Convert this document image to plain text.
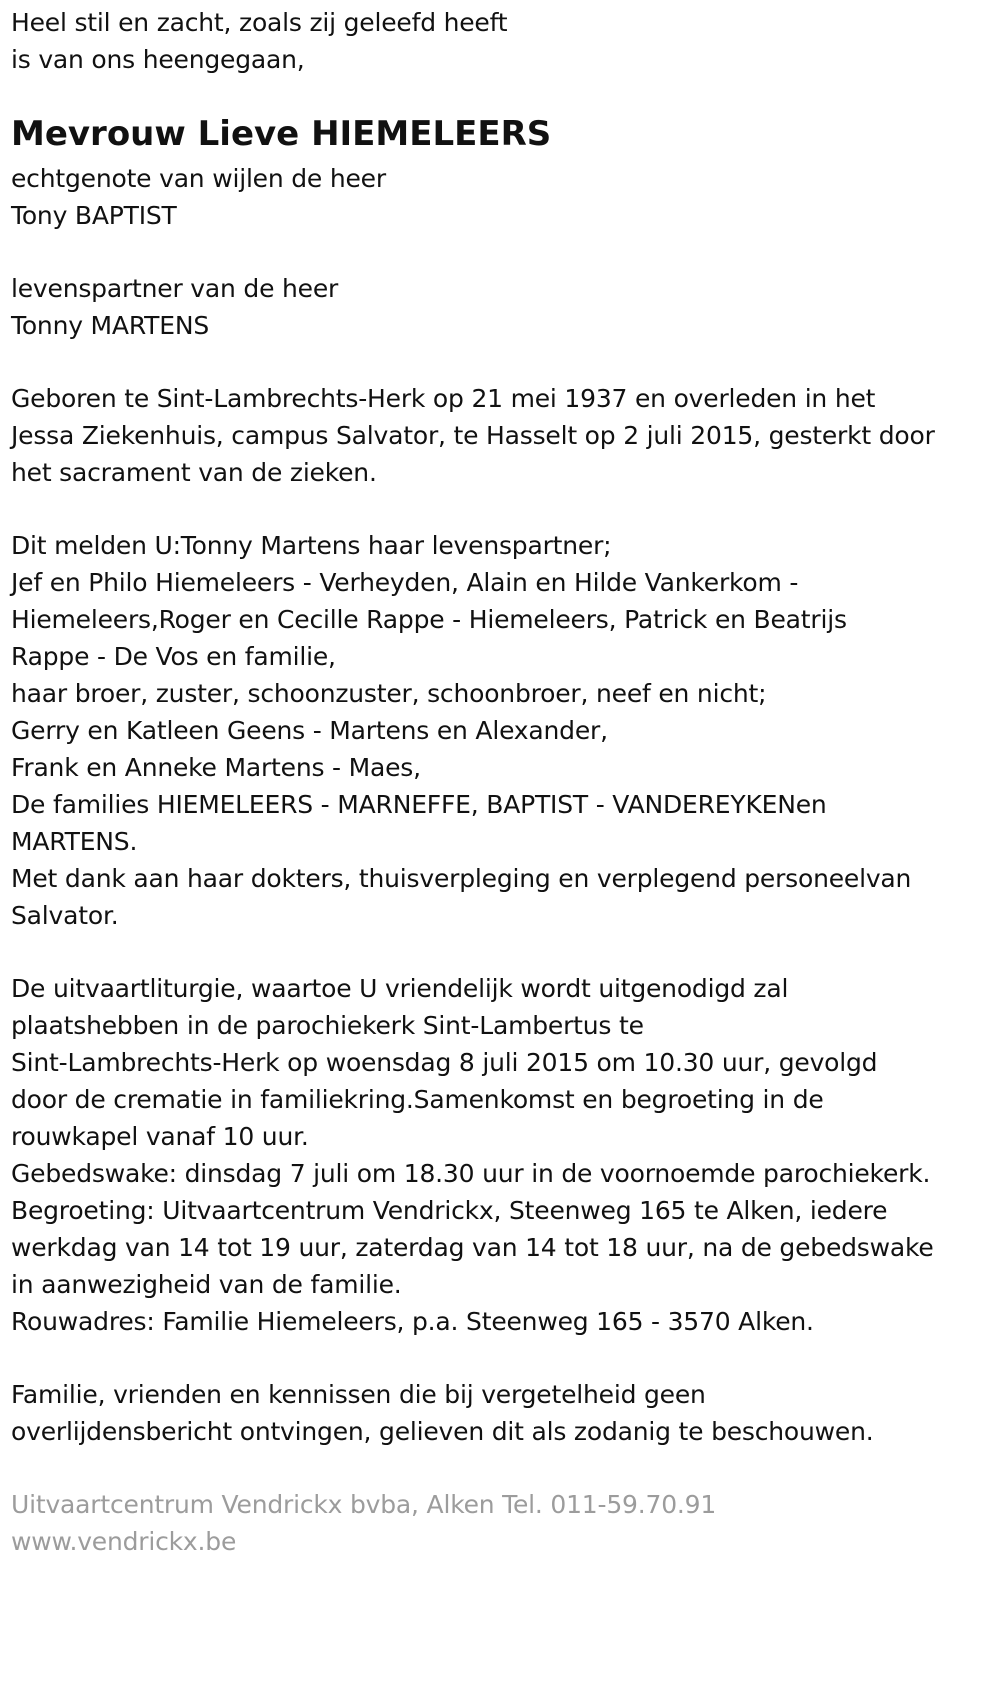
Heel stil en zacht, zoals zij geleefd heeft
is van ons heengegaan,
Mevrouw Lieve HIEMELEERS
echtgenote van wijlen de heer
Tony BAPTIST
levenspartner van de heer
Tonny MARTENS
Geboren te Sint-Lambrechts-Herk op 21 mei 1937 en overleden in het
Jessa Ziekenhuis, campus Salvator, te Hasselt op 2 juli 2015, gesterkt door
het sacrament van de zieken.
Dit melden U:Tonny Martens haar levenspartner;
Jef en Philo Hiemeleers - Verheyden, Alain en Hilde Vankerkom -
Hiemeleers,Roger en Cecille Rappe - Hiemeleers, Patrick en Beatrijs
Rappe - De Vos en familie,
haar broer, zuster, schoonzuster, schoonbroer, neef en nicht;
Gerry en Katleen Geens - Martens en Alexander,
Frank en Anneke Martens - Maes,
De families HIEMELEERS - MARNEFFE, BAPTIST - VANDEREYKENen
MARTENS.
Met dank aan haar dokters, thuisverpleging en verplegend personeelvan
Salvator.
De uitvaartliturgie, waartoe U vriendelijk wordt uitgenodigd zal
plaatshebben in de parochiekerk Sint-Lambertus te
Sint-Lambrechts-Herk op woensdag 8 juli 2015 om 10.30 uur, gevolgd
door de crematie in familiekring.Samenkomst en begroeting in de
rouwkapel vanaf 10 uur.
Gebedswake: dinsdag 7 juli om 18.30 uur in de voornoemde parochiekerk.
Begroeting: Uitvaartcentrum Vendrickx, Steenweg 165 te Alken, iedere
werkdag van 14 tot 19 uur, zaterdag van 14 tot 18 uur, na de gebedswake
in aanwezigheid van de familie.
Rouwadres: Familie Hiemeleers, p.a. Steenweg 165 - 3570 Alken.
Familie, vrienden en kennissen die bij vergetelheid geen
overlijdensbericht ontvingen, gelieven dit als zodanig te beschouwen.
Uitvaartcentrum Vendrickx bvba, Alken Tel. 011-59.70.91
www.vendrickx.be
